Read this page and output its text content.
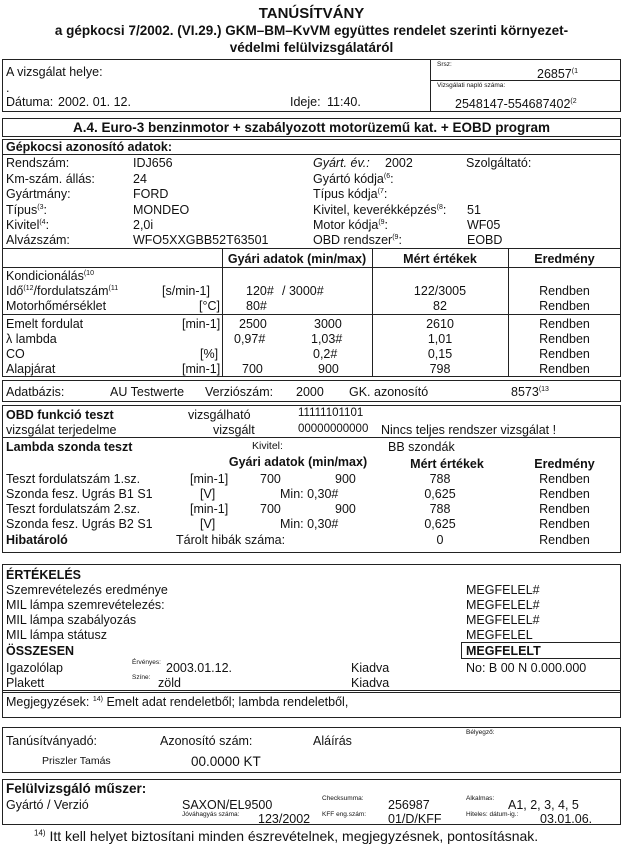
TANÚSÍTVÁNY
a gépkocsi 7/2002. (VI.29.) GKM–BM–KvVM együttes rendelet szerinti környezet-
védelmi felülvizsgálatáról
A vizsgálat helye:
.
Dátuma: 2002. 01. 12.	Ideje: 11:40.
Srsz:
26857$^{(1}$
Vizsgálati napló száma:
2548147-554687402$^{(2}$
A.4. Euro-3 benzinmotor + szabályozott motorüzemű kat. + EOBD program
Gépkocsi azonosító adatok:
Rendszám:	IDJ656
Km-szám. állás:	24
Gyártmány:	FORD
Típus$^{(3}$:	MONDEO
Kivitel$^{(4}$:	2,0i
Alvázszám:	WFO5XXGBB52T63501
Gyárt. év.: 2002	Szolgáltató:
Gyártó kódja$^{(6}$:
Típus kódja$^{(7}$:
Kivitel, keverékképzés$^{(8}$: 51
Motor kódja$^{(9}$:	WF05
OBD rendszer$^{(9}$:	EOBD
Gyári adatok (min/max)	Mért értékek	Eredmény
Kondicionálás$^{(10}$
Idő$^{(12}$/fordulatszám$^{(11}$	[s/min-1]	120# / 3000#	122/3005	Rendben
Motorhőmérséklet	[°C] 80#	82	Rendben
Emelt fordulat	[min-1] 2500	3000	2610	Rendben
λ lambda	0,97#	1,03#	1,01	Rendben
CO	[%]	0,2#	0,15	Rendben
Alapjárat	[min-1] 700	900	798	Rendben
Adatbázis:	AU Testwerte Verziószám: 2000 GK. azonosító	8573$^{(13}$
OBD funkció teszt	vizsgálható	11111101101
vizsgálat terjedelme	vizsgált	00000000000 Nincs teljes rendszer vizsgálat !
Lambda szonda teszt	Kivitel:	BB szondák
Gyári adatok (min/max)	Mért értékek	Eredmény
Teszt fordulatszám 1.sz.	[min-1]	700	900	788	Rendben
Szonda fesz. Ugrás B1 S1	[V]	Min: 0,30#	0,625	Rendben
Teszt fordulatszám 2.sz.	[min-1]	700	900	788	Rendben
Szonda fesz. Ugrás B2 S1	[V]	Min: 0,30#	0,625	Rendben
Hibatároló	Tárolt hibák száma:	0	Rendben
ÉRTÉKELÉS
Szemrevételezés eredménye	MEGFELEL#
MIL lámpa szemrevételezés:	MEGFELEL#
MIL lámpa szabályozás	MEGFELEL#
MIL lámpa státusz	MEGFELEL
ÖSSZESEN	MEGFELELT
Igazolólap	Érvényes: 2003.01.12.	Kiadva	No: B 00 N 0.000.000
Plakett	Színe: zöld	Kiadva
Megjegyzések: $^{14)}$ Emelt adat rendeletből; lambda rendeletből,
Tanúsítványadó:	Azonosító szám:	Aláírás
Bélyegző:
Priszler Tamás	00.0000 KT
Felülvizsgáló műszer:
Gyártó / Verzió	SAXON/EL9500	Checksumma: 256987	Alkalmas: A1, 2, 3, 4, 5
Jóváhagyás száma: 123/2002 KFF eng.szám: 01/D/KFF	Hiteles: dátum-ig.: 03.01.06.
$^{14)}$ Itt kell helyet biztosítani minden észrevételnek, megjegyzésnek, pontosításnak.
